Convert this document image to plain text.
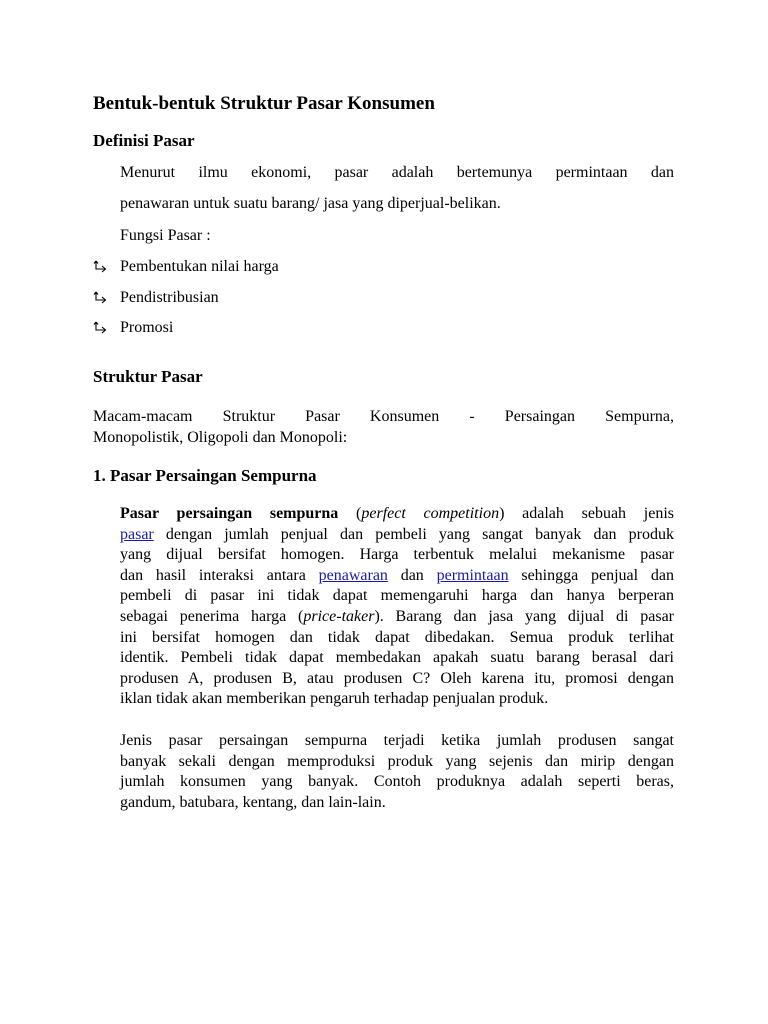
Bentuk-bentuk Struktur Pasar Konsumen
Definisi Pasar
Menurut ilmu ekonomi, pasar adalah bertemunya permintaan dan
penawaran untuk suatu barang/ jasa yang diperjual-belikan.
Fungsi Pasar :
Pembentukan nilai harga
Pendistribusian
Promosi
Struktur Pasar
Macam-macam Struktur Pasar Konsumen - Persaingan Sempurna,
Monopolistik, Oligopoli dan Monopoli:
1. Pasar Persaingan Sempurna
Pasar persaingan sempurna (perfect competition) adalah sebuah jenis
pasar dengan jumlah penjual dan pembeli yang sangat banyak dan produk
yang dijual bersifat homogen. Harga terbentuk melalui mekanisme pasar
dan hasil interaksi antara penawaran dan permintaan sehingga penjual dan
pembeli di pasar ini tidak dapat memengaruhi harga dan hanya berperan
sebagai penerima harga (price-taker). Barang dan jasa yang dijual di pasar
ini bersifat homogen dan tidak dapat dibedakan. Semua produk terlihat
identik. Pembeli tidak dapat membedakan apakah suatu barang berasal dari
produsen A, produsen B, atau produsen C? Oleh karena itu, promosi dengan
iklan tidak akan memberikan pengaruh terhadap penjualan produk.
Jenis pasar persaingan sempurna terjadi ketika jumlah produsen sangat
banyak sekali dengan memproduksi produk yang sejenis dan mirip dengan
jumlah konsumen yang banyak. Contoh produknya adalah seperti beras,
gandum, batubara, kentang, dan lain-lain.
